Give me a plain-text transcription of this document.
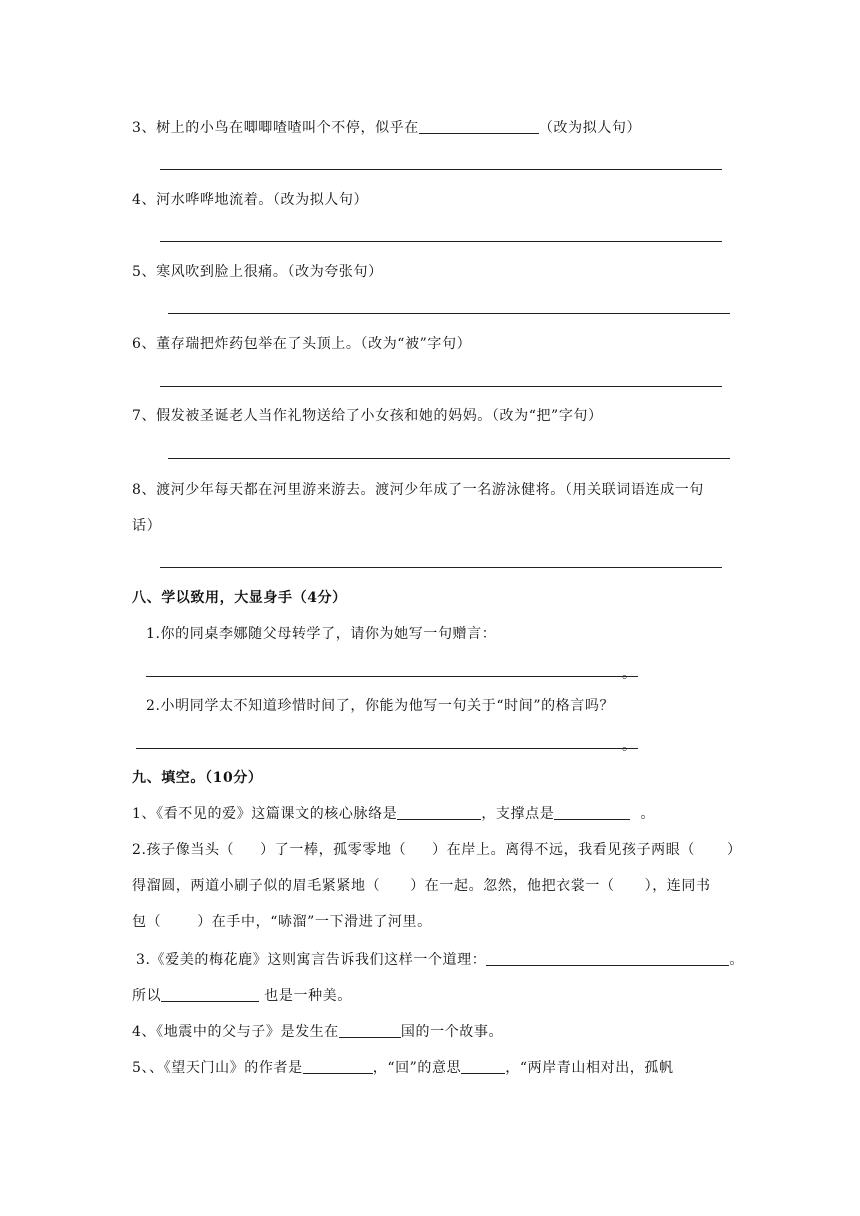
3、树上的小鸟在唧唧喳喳叫个不停，似乎在	（改为拟人句）
4、河水哗哗地流着。（改为拟人句）
5、寒风吹到脸上很痛。（改为夸张句）
6、董存瑞把炸药包举在了头顶上。（改为“被”字句）
7、假发被圣诞老人当作礼物送给了小女孩和她的妈妈。（改为“把”字句）
8、渡河少年每天都在河里游来游去。渡河少年成了一名游泳健将。（用关联词语连成一句
话）
八、学以致用，大显身手（4分）
1.你的同桌李娜随父母转学了，请你为她写一句赠言：
。
2.小明同学太不知道珍惜时间了，你能为他写一句关于“时间”的格言吗？
。
九、填空。（10分）
1、《看不见的爱》这篇课文的核心脉络是	，支撑点是	。
2.孩子像当头（ ）了一棒，孤零零地（ ）在岸上。离得不远，我看见孩子两眼（ ）
得溜圆，两道小刷子似的眉毛紧紧地（ ）在一起。忽然，他把衣裳一（ ），连同书
包（	）在手中，“哧溜”一下滑进了河里。
3.《爱美的梅花鹿》这则寓言告诉我们这样一个道理：	。
所以	也是一种美。
4、《地震中的父与子》是发生在	国的一个故事。
5、、《望天门山》的作者是	，“回”的意思	，“两岸青山相对出，孤帆
